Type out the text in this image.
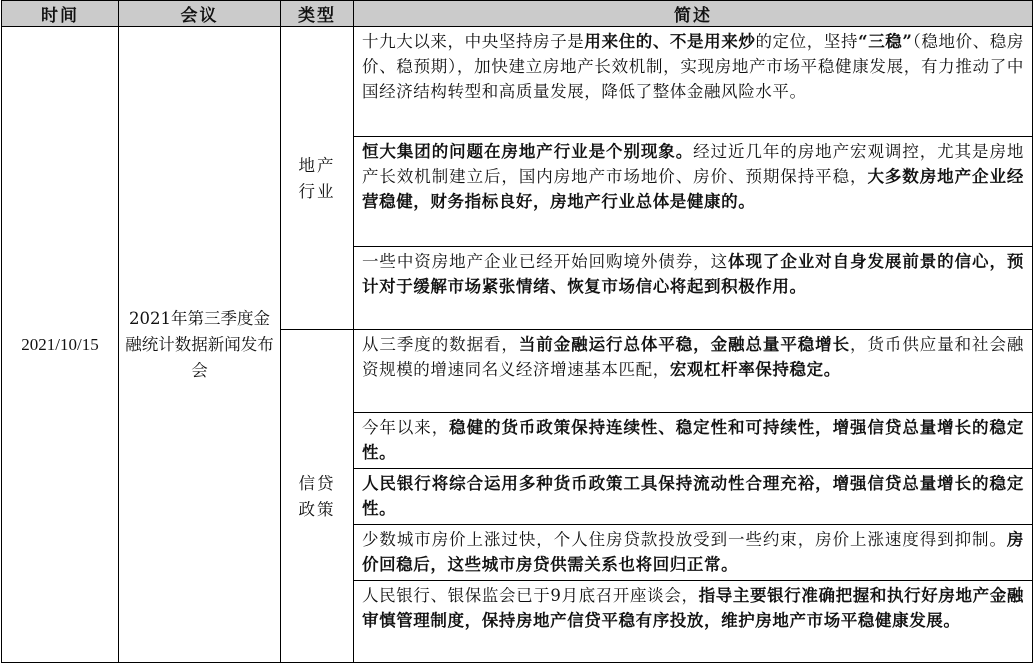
时间	会议	类型	简述
2021/10/15	2021年第三季度金融统计数据新闻发布会	地产行业	十九大以来，中央坚持房子是用来住的、不是用来炒的定位，坚持“三稳”（稳地价、稳房价、稳预期），加快建立房地产长效机制，实现房地产市场平稳健康发展，有力推动了中国经济结构转型和高质量发展，降低了整体金融风险水平。
			恒大集团的问题在房地产行业是个别现象。经过近几年的房地产宏观调控，尤其是房地产长效机制建立后，国内房地产市场地价、房价、预期保持平稳，大多数房地产企业经营稳健，财务指标良好，房地产行业总体是健康的。
			一些中资房地产企业已经开始回购境外债券，这体现了企业对自身发展前景的信心，预计对于缓解市场紧张情绪、恢复市场信心将起到积极作用。
		信贷政策	从三季度的数据看，当前金融运行总体平稳，金融总量平稳增长，货币供应量和社会融资规模的增速同名义经济增速基本匹配，宏观杠杆率保持稳定。
			今年以来，稳健的货币政策保持连续性、稳定性和可持续性，增强信贷总量增长的稳定性。
			人民银行将综合运用多种货币政策工具保持流动性合理充裕，增强信贷总量增长的稳定性。
			少数城市房价上涨过快，个人住房贷款投放受到一些约束，房价上涨速度得到抑制。房价回稳后，这些城市房贷供需关系也将回归正常。
			人民银行、银保监会已于9月底召开座谈会，指导主要银行准确把握和执行好房地产金融审慎管理制度，保持房地产信贷平稳有序投放，维护房地产市场平稳健康发展。
